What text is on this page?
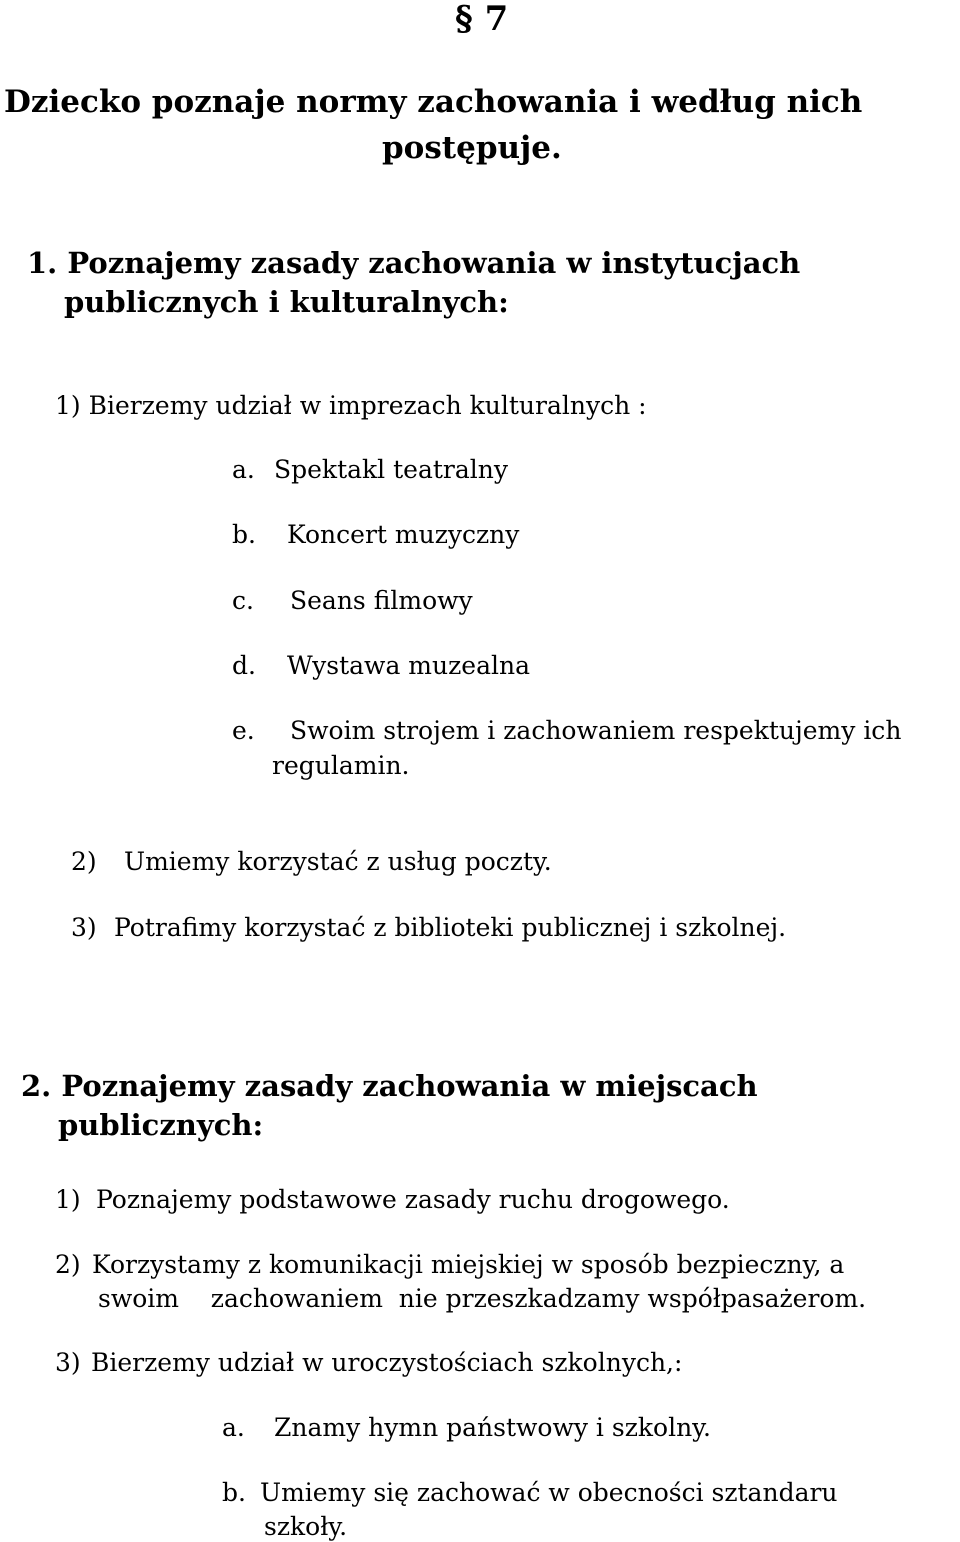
§ 7
Dziecko poznaje normy zachowania i według nich
postępuje.
1. Poznajemy zasady zachowania w instytucjach
publicznych i kulturalnych:
1) Bierzemy udział w imprezach kulturalnych :
a. Spektakl teatralny
b. Koncert muzyczny
c. Seans filmowy
d. Wystawa muzealna
e. Swoim strojem i zachowaniem respektujemy ich
regulamin.
2) Umiemy korzystać z usług poczty.
3) Potrafimy korzystać z biblioteki publicznej i szkolnej.
2. Poznajemy zasady zachowania w miejscach
publicznych:
1) Poznajemy podstawowe zasady ruchu drogowego.
2) Korzystamy z komunikacji miejskiej w sposób bezpieczny, a
swoim    zachowaniem  nie przeszkadzamy współpasażerom.
3) Bierzemy udział w uroczystościach szkolnych,:
a. Znamy hymn państwowy i szkolny.
b. Umiemy się zachować w obecności sztandaru
szkoły.
